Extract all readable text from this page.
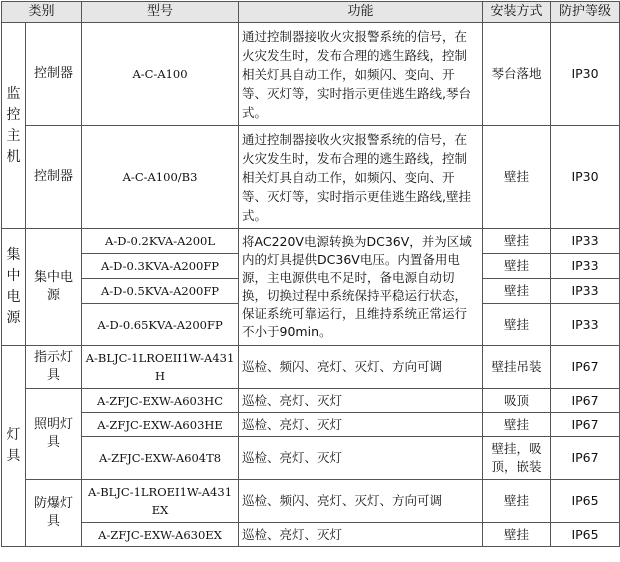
类别		型号	功能	安装方式	防护等级

监控主机	控制器	A-C-A100	通过控制器接收火灾报警系统的信号，在火灾发生时，发布合理的逃生路线，控制相关灯具自动工作，如频闪、变向、开等、灭灯等，实时指示更佳逃生路线,琴台式。	琴台落地	IP30
	控制器	A-C-A100/B3	通过控制器接收火灾报警系统的信号，在火灾发生时，发布合理的逃生路线，控制相关灯具自动工作，如频闪、变向、开等、灭灯等，实时指示更佳逃生路线,壁挂式。	壁挂	IP30

集中电源	集中电源	A-D-0.2KVA-A200L	将AC220V电源转换为DC36V，并为区域内的灯具提供DC36V电压。内置备用电源，主电源供电不足时，备电源自动切换，切换过程中系统保持平稳运行状态，保证系统可靠运行，且维持系统正常运行不小于90min。	壁挂	IP33
		A-D-0.3KVA-A200FP		壁挂	IP33
		A-D-0.5KVA-A200FP		壁挂	IP33
		A-D-0.65KVA-A200FP		壁挂	IP33

灯具	指示灯具	A-BLJC-1LROEII1W-A431H	巡检、频闪、亮灯、灭灯、方向可调	壁挂吊装	IP67
	照明灯具	A-ZFJC-EXW-A603HC	巡检、亮灯、灭灯	吸顶	IP67
		A-ZFJC-EXW-A603HE	巡检、亮灯、灭灯	壁挂	IP67
		A-ZFJC-EXW-A604T8	巡检、亮灯、灭灯	壁挂，吸顶，嵌装	IP67
	防爆灯具	A-BLJC-1LROEⅠ1W-A431EX	巡检、频闪、亮灯、灭灯、方向可调	壁挂	IP65
		A-ZFJC-EXW-A630EX	巡检、亮灯、灭灯	壁挂	IP65
